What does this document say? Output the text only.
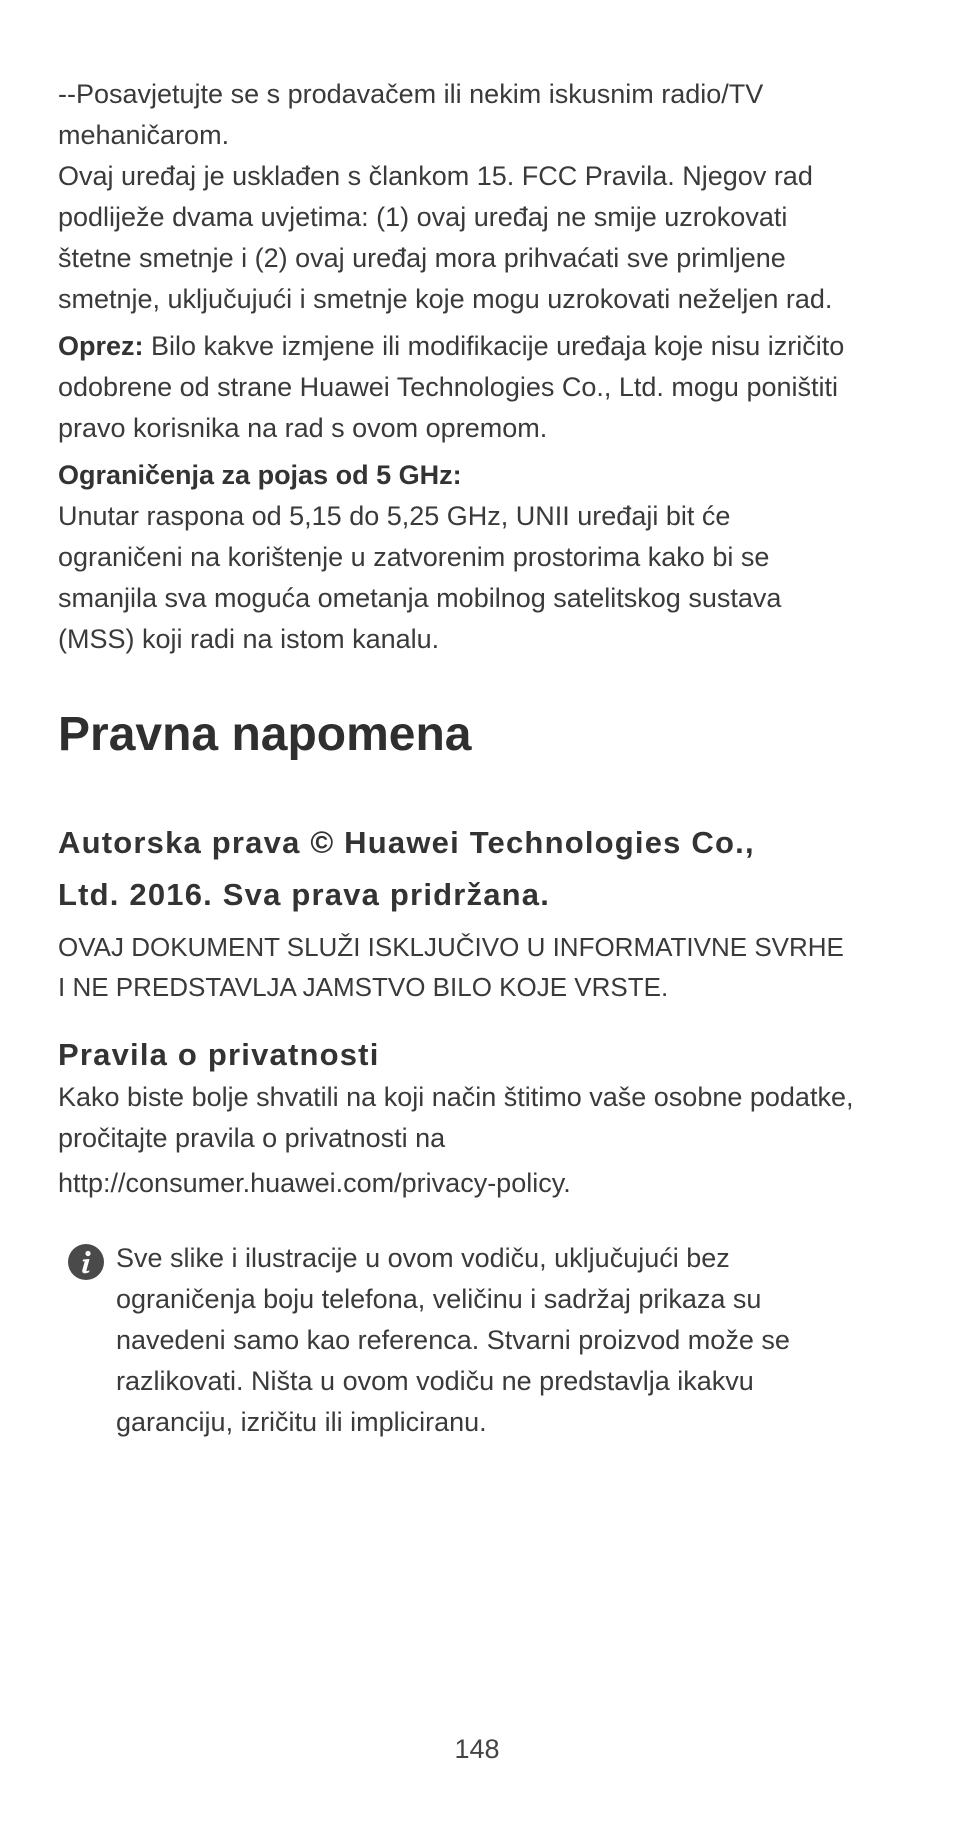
--Posavjetujte se s prodavačem ili nekim iskusnim radio/TV mehaničarom.

Ovaj uređaj je usklađen s člankom 15. FCC Pravila. Njegov rad podliježe dvama uvjetima: (1) ovaj uređaj ne smije uzrokovati štetne smetnje i (2) ovaj uređaj mora prihvaćati sve primljene smetnje, uključujući i smetnje koje mogu uzrokovati neželjen rad.

Oprez: Bilo kakve izmjene ili modifikacije uređaja koje nisu izričito odobrene od strane Huawei Technologies Co., Ltd. mogu poništiti pravo korisnika na rad s ovom opremom.

Ograničenja za pojas od 5 GHz:

Unutar raspona od 5,15 do 5,25 GHz, UNII uređaji bit će ograničeni na korištenje u zatvorenim prostorima kako bi se smanjila sva moguća ometanja mobilnog satelitskog sustava (MSS) koji radi na istom kanalu.

Pravna napomena
Autorska prava © Huawei Technologies Co.,
Ltd. 2016. Sva prava pridržana.

OVAJ DOKUMENT SLUŽI ISKLJUČIVO U INFORMATIVNE SVRHE I NE PREDSTAVLJA JAMSTVO BILO KOJE VRSTE.

Pravila o privatnosti

Kako biste bolje shvatili na koji način štitimo vaše osobne podatke, pročitajte pravila o privatnosti na

http://consumer.huawei.com/privacy-policy.

Sve slike i ilustracije u ovom vodiču, uključujući bez ograničenja boju telefona, veličinu i sadržaj prikaza su navedeni samo kao referenca. Stvarni proizvod može se razlikovati. Ništa u ovom vodiču ne predstavlja ikakvu garanciju, izričitu ili impliciranu.

148
